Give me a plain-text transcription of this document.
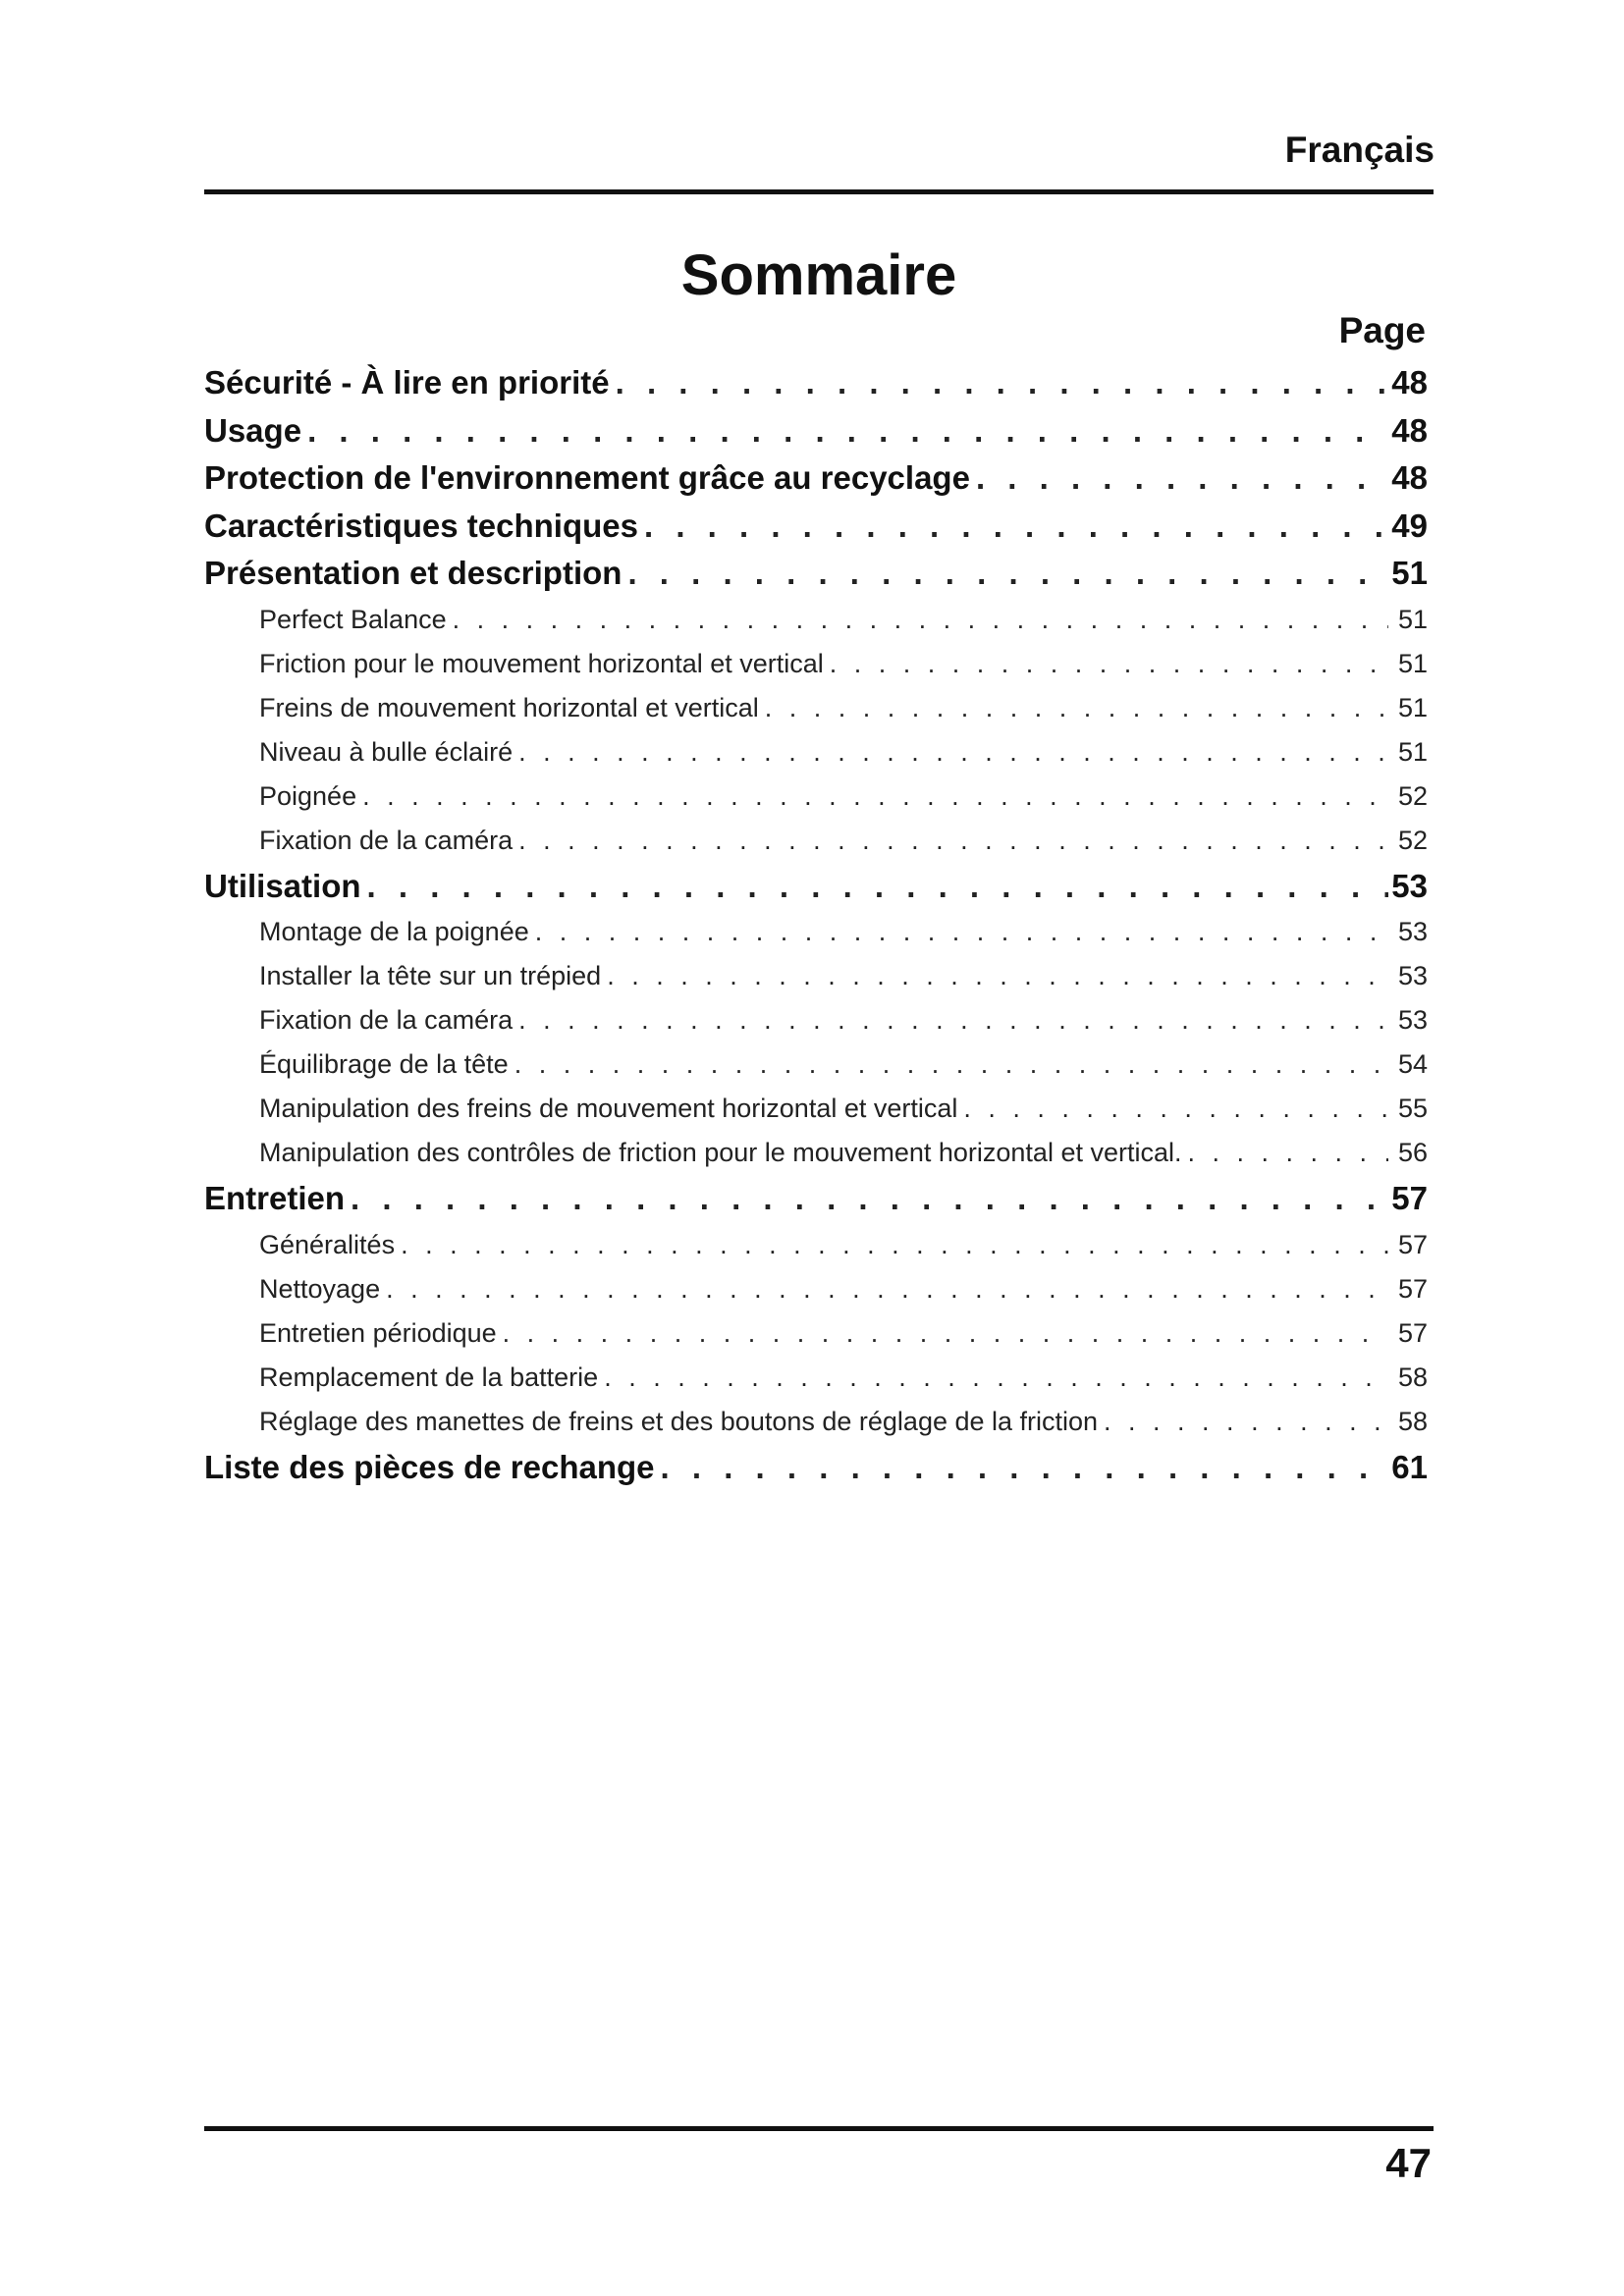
Français
Sommaire
Page
Sécurité - À lire en priorité . . .	48
Usage . . .	48
Protection de l'environnement grâce au recyclage . . .	48
Caractéristiques techniques . . .	49
Présentation et description . . .	51
Perfect Balance . . .	51
Friction pour le mouvement horizontal et vertical . . .	51
Freins de mouvement horizontal et vertical . . .	51
Niveau à bulle éclairé . . .	51
Poignée . . .	52
Fixation de la caméra . . .	52
Utilisation . . .	53
Montage de la poignée . . .	53
Installer la tête sur un trépied . . .	53
Fixation de la caméra . . .	53
Équilibrage de la tête . . .	54
Manipulation des freins de mouvement horizontal et vertical . . .	55
Manipulation des contrôles de friction pour le mouvement horizontal et vertical. . . .	56
Entretien . . .	57
Généralités . . .	57
Nettoyage . . .	57
Entretien périodique . . .	57
Remplacement de la batterie . . .	58
Réglage des manettes de freins et des boutons de réglage de la friction . . .	58
Liste des pièces de rechange . . .	61
47
